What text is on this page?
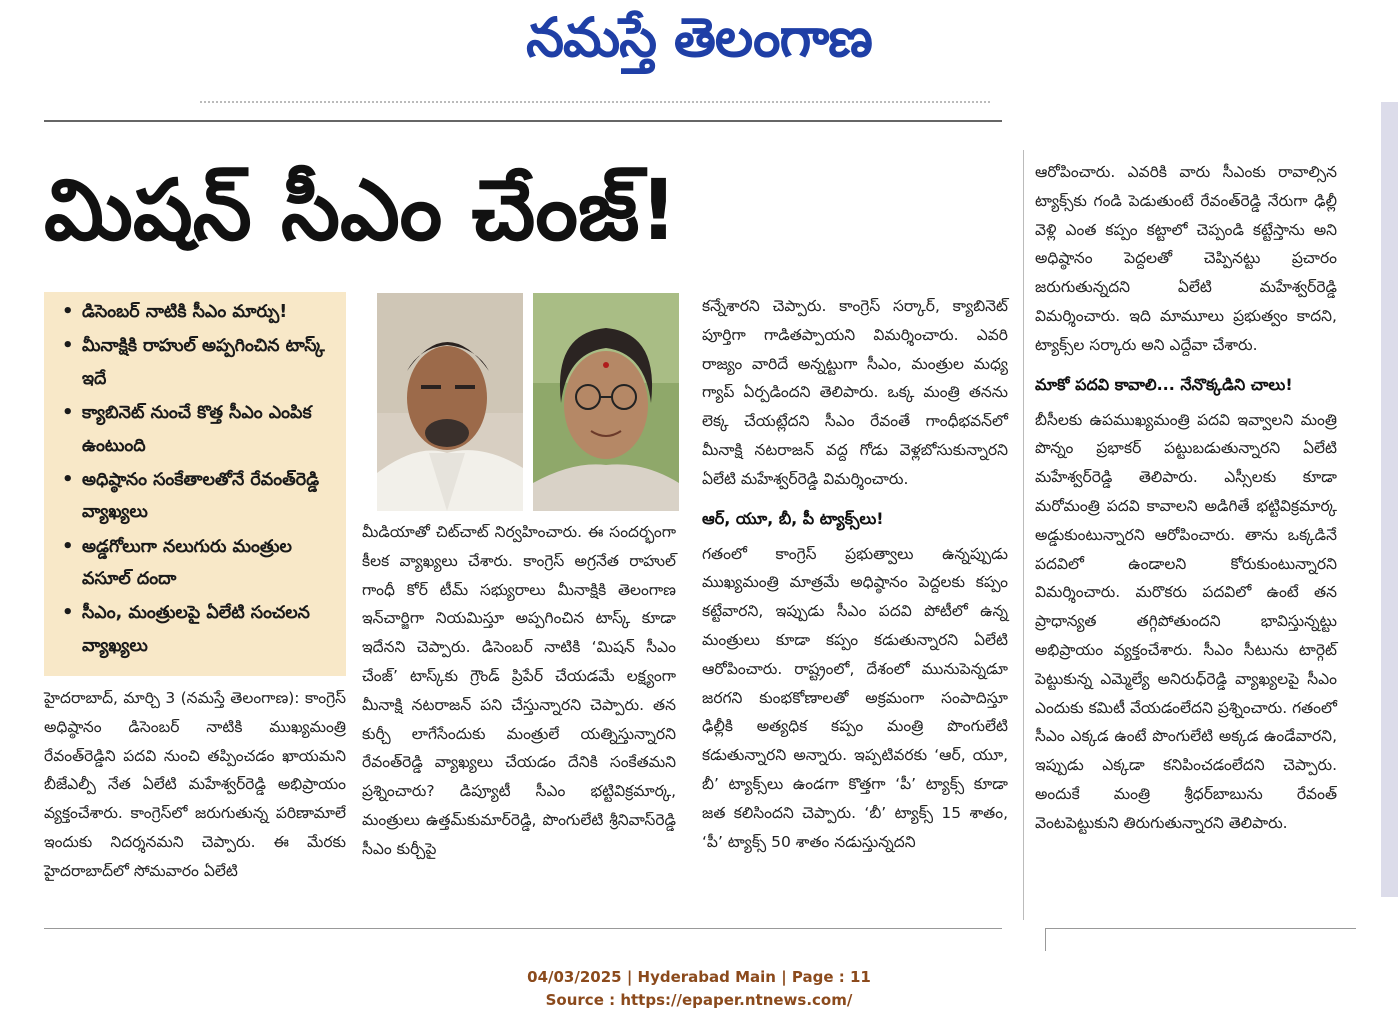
నమస్తే తెలంగాణ
మిషన్ సీఎం చేంజ్!
• డిసెంబర్ నాటికి సీఎం మార్పు!
• మీనాక్షికి రాహుల్ అప్పగించిన టాస్క్ ఇదే
• క్యాబినెట్ నుంచే కొత్త సీఎం ఎంపిక ఉంటుంది
• అధిష్ఠానం సంకేతాలతోనే రేవంత్‌రెడ్డి వ్యాఖ్యలు
• అడ్డగోలుగా నలుగురు మంత్రుల వసూల్ దందా
• సీఎం, మంత్రులపై ఏలేటి సంచలన వ్యాఖ్యలు

హైదరాబాద్, మార్చి 3 (నమస్తే తెలంగాణ): కాంగ్రెస్ అధిష్ఠానం డిసెంబర్ నాటికి ముఖ్యమంత్రి రేవంత్‌రెడ్డిని పదవి నుంచి తప్పించడం ఖాయమని బీజేఎల్పీ నేత ఏలేటి మహేశ్వర్‌రెడ్డి అభిప్రాయం వ్యక్తంచేశారు. కాంగ్రెస్‌లో జరుగుతున్న పరిణామాలే ఇందుకు నిదర్శనమని చెప్పారు. ఈ మేరకు హైదరాబాద్‌లో సోమవారం ఏలేటి

మీడియాతో చిట్‌చాట్ నిర్వహించారు. ఈ సందర్భంగా కీలక వ్యాఖ్యలు చేశారు. కాంగ్రెస్ అగ్రనేత రాహుల్ గాంధీ కోర్ టీమ్ సభ్యురాలు మీనాక్షికి తెలంగాణ ఇన్‌చార్జిగా నియమిస్తూ అప్పగించిన టాస్క్ కూడా ఇదేనని చెప్పారు. డిసెంబర్ నాటికి ‘మిషన్ సీఎం చేంజ్’ టాస్క్‌కు గ్రౌండ్ ప్రిపేర్ చేయడమే లక్ష్యంగా మీనాక్షి నటరాజన్ పని చేస్తున్నారని చెప్పారు. తన కుర్చీ లాగేసేందుకు మంత్రులే యత్నిస్తున్నారని రేవంత్‌రెడ్డి వ్యాఖ్యలు చేయడం దేనికి సంకేతమని ప్రశ్నించారు? డిప్యూటీ సీఎం భట్టివిక్రమార్క, మంత్రులు ఉత్తమ్‌కుమార్‌రెడ్డి, పొంగులేటి శ్రీనివాస్‌రెడ్డి సీఎం కుర్చీపై

కన్నేశారని చెప్పారు. కాంగ్రెస్ సర్కార్, క్యాబినెట్ పూర్తిగా గాడితప్పాయని విమర్శించారు. ఎవరి రాజ్యం వారిదే అన్నట్టుగా సీఎం, మంత్రుల మధ్య గ్యాప్ ఏర్పడిందని తెలిపారు. ఒక్క మంత్రి తనను లెక్క చేయట్లేదని సీఎం రేవంతే గాంధీభవన్‌లో మీనాక్షి నటరాజన్ వద్ద గోడు వెళ్లబోసుకున్నారని ఏలేటి మహేశ్వర్‌రెడ్డి విమర్శించారు.

ఆర్, యూ, బీ, పీ ట్యాక్స్‌లు!

గతంలో కాంగ్రెస్ ప్రభుత్వాలు ఉన్నప్పుడు ముఖ్యమంత్రి మాత్రమే అధిష్ఠానం పెద్దలకు కప్పం కట్టేవారని, ఇప్పుడు సీఎం పదవి పోటీలో ఉన్న మంత్రులు కూడా కప్పం కడుతున్నారని ఏలేటి ఆరోపించారు. రాష్ట్రంలో, దేశంలో మునుపెన్నడూ జరగని కుంభకోణాలతో అక్రమంగా సంపాదిస్తూ ఢిల్లీకి అత్యధిక కప్పం మంత్రి పొంగులేటి కడుతున్నారని అన్నారు. ఇప్పటివరకు ‘ఆర్, యూ, బీ’ ట్యాక్స్‌లు ఉండగా కొత్తగా ‘పీ’ ట్యాక్స్ కూడా జత కలిసిందని చెప్పారు. ‘బీ’ ట్యాక్స్ 15 శాతం, ‘పీ’ ట్యాక్స్ 50 శాతం నడుస్తున్నదని

ఆరోపించారు. ఎవరికి వారు సీఎంకు రావాల్సిన ట్యాక్స్‌కు గండి పెడుతుంటే రేవంత్‌రెడ్డి నేరుగా ఢిల్లీ వెళ్లి ఎంత కప్పం కట్టాలో చెప్పండి కట్టేస్తాను అని అధిష్ఠానం పెద్దలతో చెప్పినట్టు ప్రచారం జరుగుతున్నదని ఏలేటి మహేశ్వర్‌రెడ్డి విమర్శించారు. ఇది మామూలు ప్రభుత్వం కాదని, ట్యాక్స్‌ల సర్కారు అని ఎద్దేవా చేశారు.

మాకో పదవి కావాలి... నేనొక్కడిని చాలు!

బీసీలకు ఉపముఖ్యమంత్రి పదవి ఇవ్వాలని మంత్రి పొన్నం ప్రభాకర్ పట్టుబడుతున్నారని ఏలేటి మహేశ్వర్‌రెడ్డి తెలిపారు. ఎస్సీలకు కూడా మరోమంత్రి పదవి కావాలని అడిగితే భట్టివిక్రమార్క అడ్డుకుంటున్నారని ఆరోపించారు. తాను ఒక్కడినే పదవిలో ఉండాలని కోరుకుంటున్నారని విమర్శించారు. మరొకరు పదవిలో ఉంటే తన ప్రాధాన్యత తగ్గిపోతుందని భావిస్తున్నట్టు అభిప్రాయం వ్యక్తంచేశారు. సీఎం సీటును టార్గెట్ పెట్టుకున్న ఎమ్మెల్యే అనిరుధ్‌రెడ్డి వ్యాఖ్యలపై సీఎం ఎందుకు కమిటీ వేయడంలేదని ప్రశ్నించారు. గతంలో సీఎం ఎక్కడ ఉంటే పొంగులేటి అక్కడ ఉండేవారని, ఇప్పుడు ఎక్కడా కనిపించడంలేదని చెప్పారు. అందుకే మంత్రి శ్రీధర్‌బాబును రేవంత్ వెంటపెట్టుకుని తిరుగుతున్నారని తెలిపారు.

04/03/2025 | Hyderabad Main | Page : 11
Source : https://epaper.ntnews.com/
